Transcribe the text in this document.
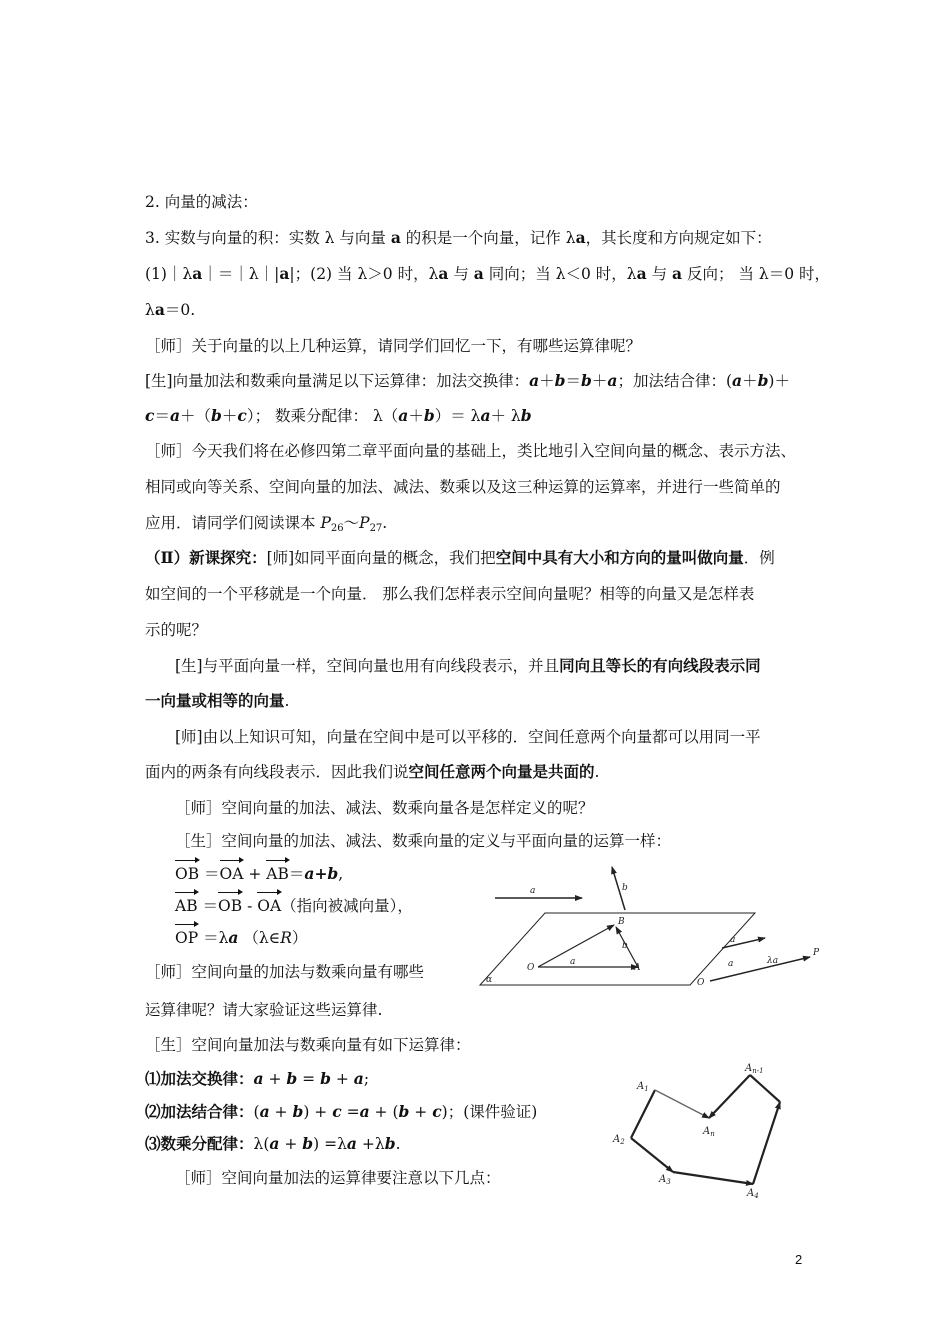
2. 向量的减法：
3. 实数与向量的积：实数 λ 与向量 a 的积是一个向量，记作 λa，其长度和方向规定如下：
(1)｜λa｜＝｜λ｜|a|；(2) 当 λ＞0 时，λa 与 a 同向；当 λ＜0 时，λa 与 a 反向； 当 λ＝0 时，
λa＝0.
［师］关于向量的以上几种运算，请同学们回忆一下，有哪些运算律呢？
[生]向量加法和数乘向量满足以下运算律：加法交换律：a＋b＝b＋a；加法结合律：(a＋b)＋
c＝a＋（b＋c）； 数乘分配律： λ（a＋b）＝ λa＋ λb
［师］今天我们将在必修四第二章平面向量的基础上，类比地引入空间向量的概念、表示方法、
相同或向等关系、空间向量的加法、减法、数乘以及这三种运算的运算率，并进行一些简单的
应用．请同学们阅读课本 $P_{26}\sim P_{27}$.
（Ⅱ）新课探究：[师]如同平面向量的概念，我们把空间中具有大小和方向的量叫做向量．例
如空间的一个平移就是一个向量． 那么我们怎样表示空间向量呢？相等的向量又是怎样表
示的呢？
[生]与平面向量一样，空间向量也用有向线段表示，并且同向且等长的有向线段表示同
一向量或相等的向量.
[师]由以上知识可知，向量在空间中是可以平移的．空间任意两个向量都可以用同一平
面内的两条有向线段表示．因此我们说空间任意两个向量是共面的.
［师］空间向量的加法、减法、数乘向量各是怎样定义的呢？
［生］空间向量的加法、减法、数乘向量的定义与平面向量的运算一样：
OB ＝OA + AB＝a+b,
AB ＝OB - OA（指向被减向量），
OP ＝λa （λ∈R）
［师］空间向量的加法与数乘向量有哪些
运算律呢？请大家验证这些运算律.
［生］空间向量加法与数乘向量有如下运算律：
⑴加法交换律：a + b = b + a;
⑵加法结合律：(a + b) + c =a + (b + c)；(课件验证)
⑶数乘分配律：λ(a + b) =λa +λb.
［师］空间向量加法的运算律要注意以下几点：
a	b
B
b
O
a
A
α
a
a	λa
P
O
$A_1$
$A_{n-1}$
$A_n$
$A_2$
$A_3$
$A_4$
2
